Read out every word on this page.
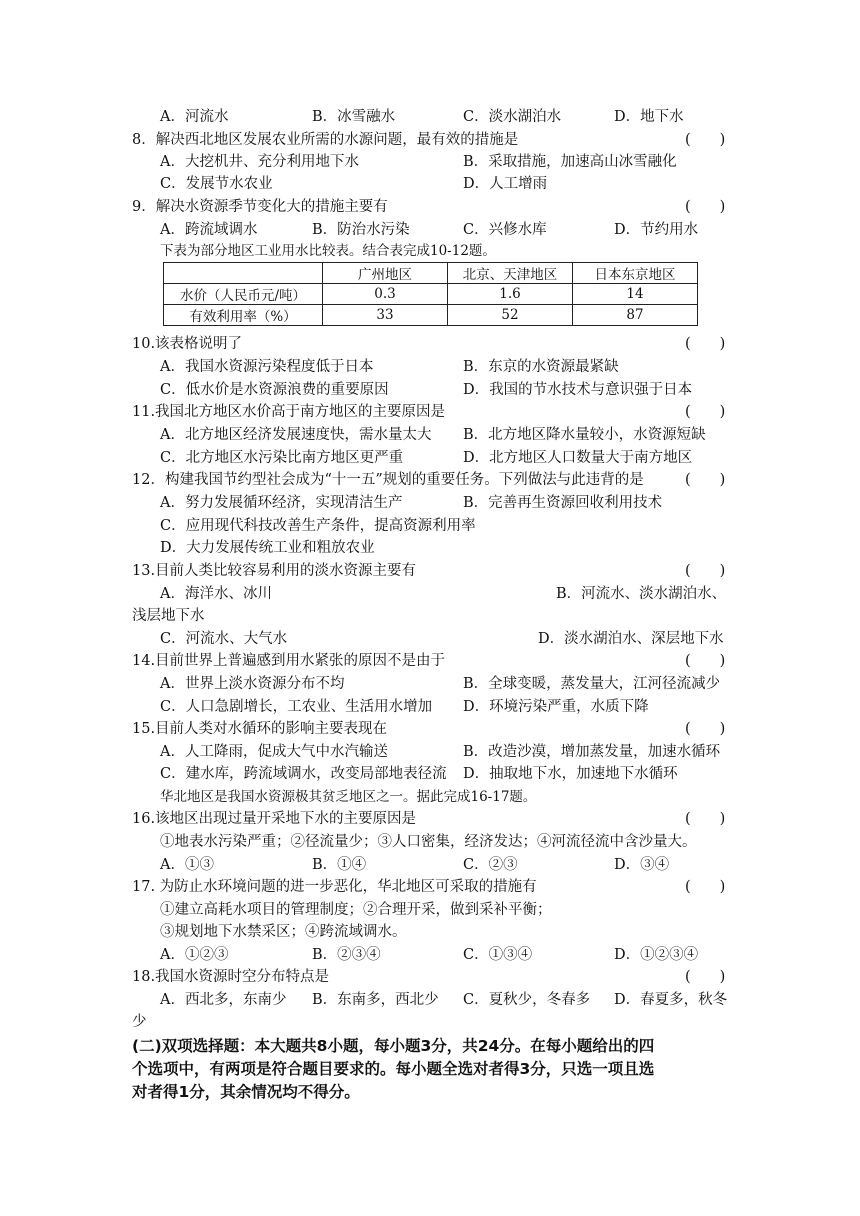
A．河流水	B．冰雪融水	C．淡水湖泊水	D．地下水
8．解决西北地区发展农业所需的水源问题，最有效的措施是	(　　)
A．大挖机井、充分利用地下水	B．采取措施，加速高山冰雪融化
C．发展节水农业	D．人工增雨
9．解决水资源季节变化大的措施主要有	(　　)
A．跨流域调水	B．防治水污染	C．兴修水库	D．节约用水
下表为部分地区工业用水比较表。结合表完成10-12题。
	广州地区	北京、天津地区	日本东京地区
水价（人民币元/吨）	0.3	1.6	14
有效利用率（%）	33	52	87
10.该表格说明了	(　　)
A．我国水资源污染程度低于日本	B．东京的水资源最紧缺
C．低水价是水资源浪费的重要原因	D．我国的节水技术与意识强于日本
11.我国北方地区水价高于南方地区的主要原因是	(　　)
A．北方地区经济发展速度快，需水量太大 B．北方地区降水量较小，水资源短缺
C．北方地区水污染比南方地区更严重	D．北方地区人口数量大于南方地区
12．构建我国节约型社会成为“十一五”规划的重要任务。下列做法与此违背的是	(　　)
A．努力发展循环经济，实现清洁生产	B．完善再生资源回收利用技术
C．应用现代科技改善生产条件，提高资源利用率
D．大力发展传统工业和粗放农业
13.目前人类比较容易利用的淡水资源主要有	(　　)
A．海洋水、冰川	B．河流水、淡水湖泊水、
浅层地下水
C．河流水、大气水	D．淡水湖泊水、深层地下水
14.目前世界上普遍感到用水紧张的原因不是由于	(　　)
A．世界上淡水资源分布不均	B．全球变暖，蒸发量大，江河径流减少
C．人口急剧增长，工农业、生活用水增加 D．环境污染严重，水质下降
15.目前人类对水循环的影响主要表现在	(　　)
A．人工降雨，促成大气中水汽输送	B．改造沙漠，增加蒸发量，加速水循环
C．建水库，跨流域调水，改变局部地表径流 D．抽取地下水，加速地下水循环
华北地区是我国水资源极其贫乏地区之一。据此完成16-17题。
16.该地区出现过量开采地下水的主要原因是	(　　)
①地表水污染严重；②径流量少；③人口密集，经济发达；④河流径流中含沙量大。
A．①③	B．①④	C．②③	D．③④
17. 为防止水环境问题的进一步恶化，华北地区可采取的措施有	(　　)
①建立高耗水项目的管理制度；②合理开采，做到采补平衡；
③规划地下水禁采区；④跨流域调水。
A．①②③	B．②③④	C．①③④	D．①②③④
18.我国水资源时空分布特点是	(　　)
A．西北多，东南少 B．东南多，西北少 C．夏秋少，冬春多 D．春夏多，秋冬
少
(二)双项选择题：本大题共8小题，每小题3分，共24分。在每小题给出的四
个选项中，有两项是符合题目要求的。每小题全选对者得3分，只选一项且选
对者得1分，其余情况均不得分。
